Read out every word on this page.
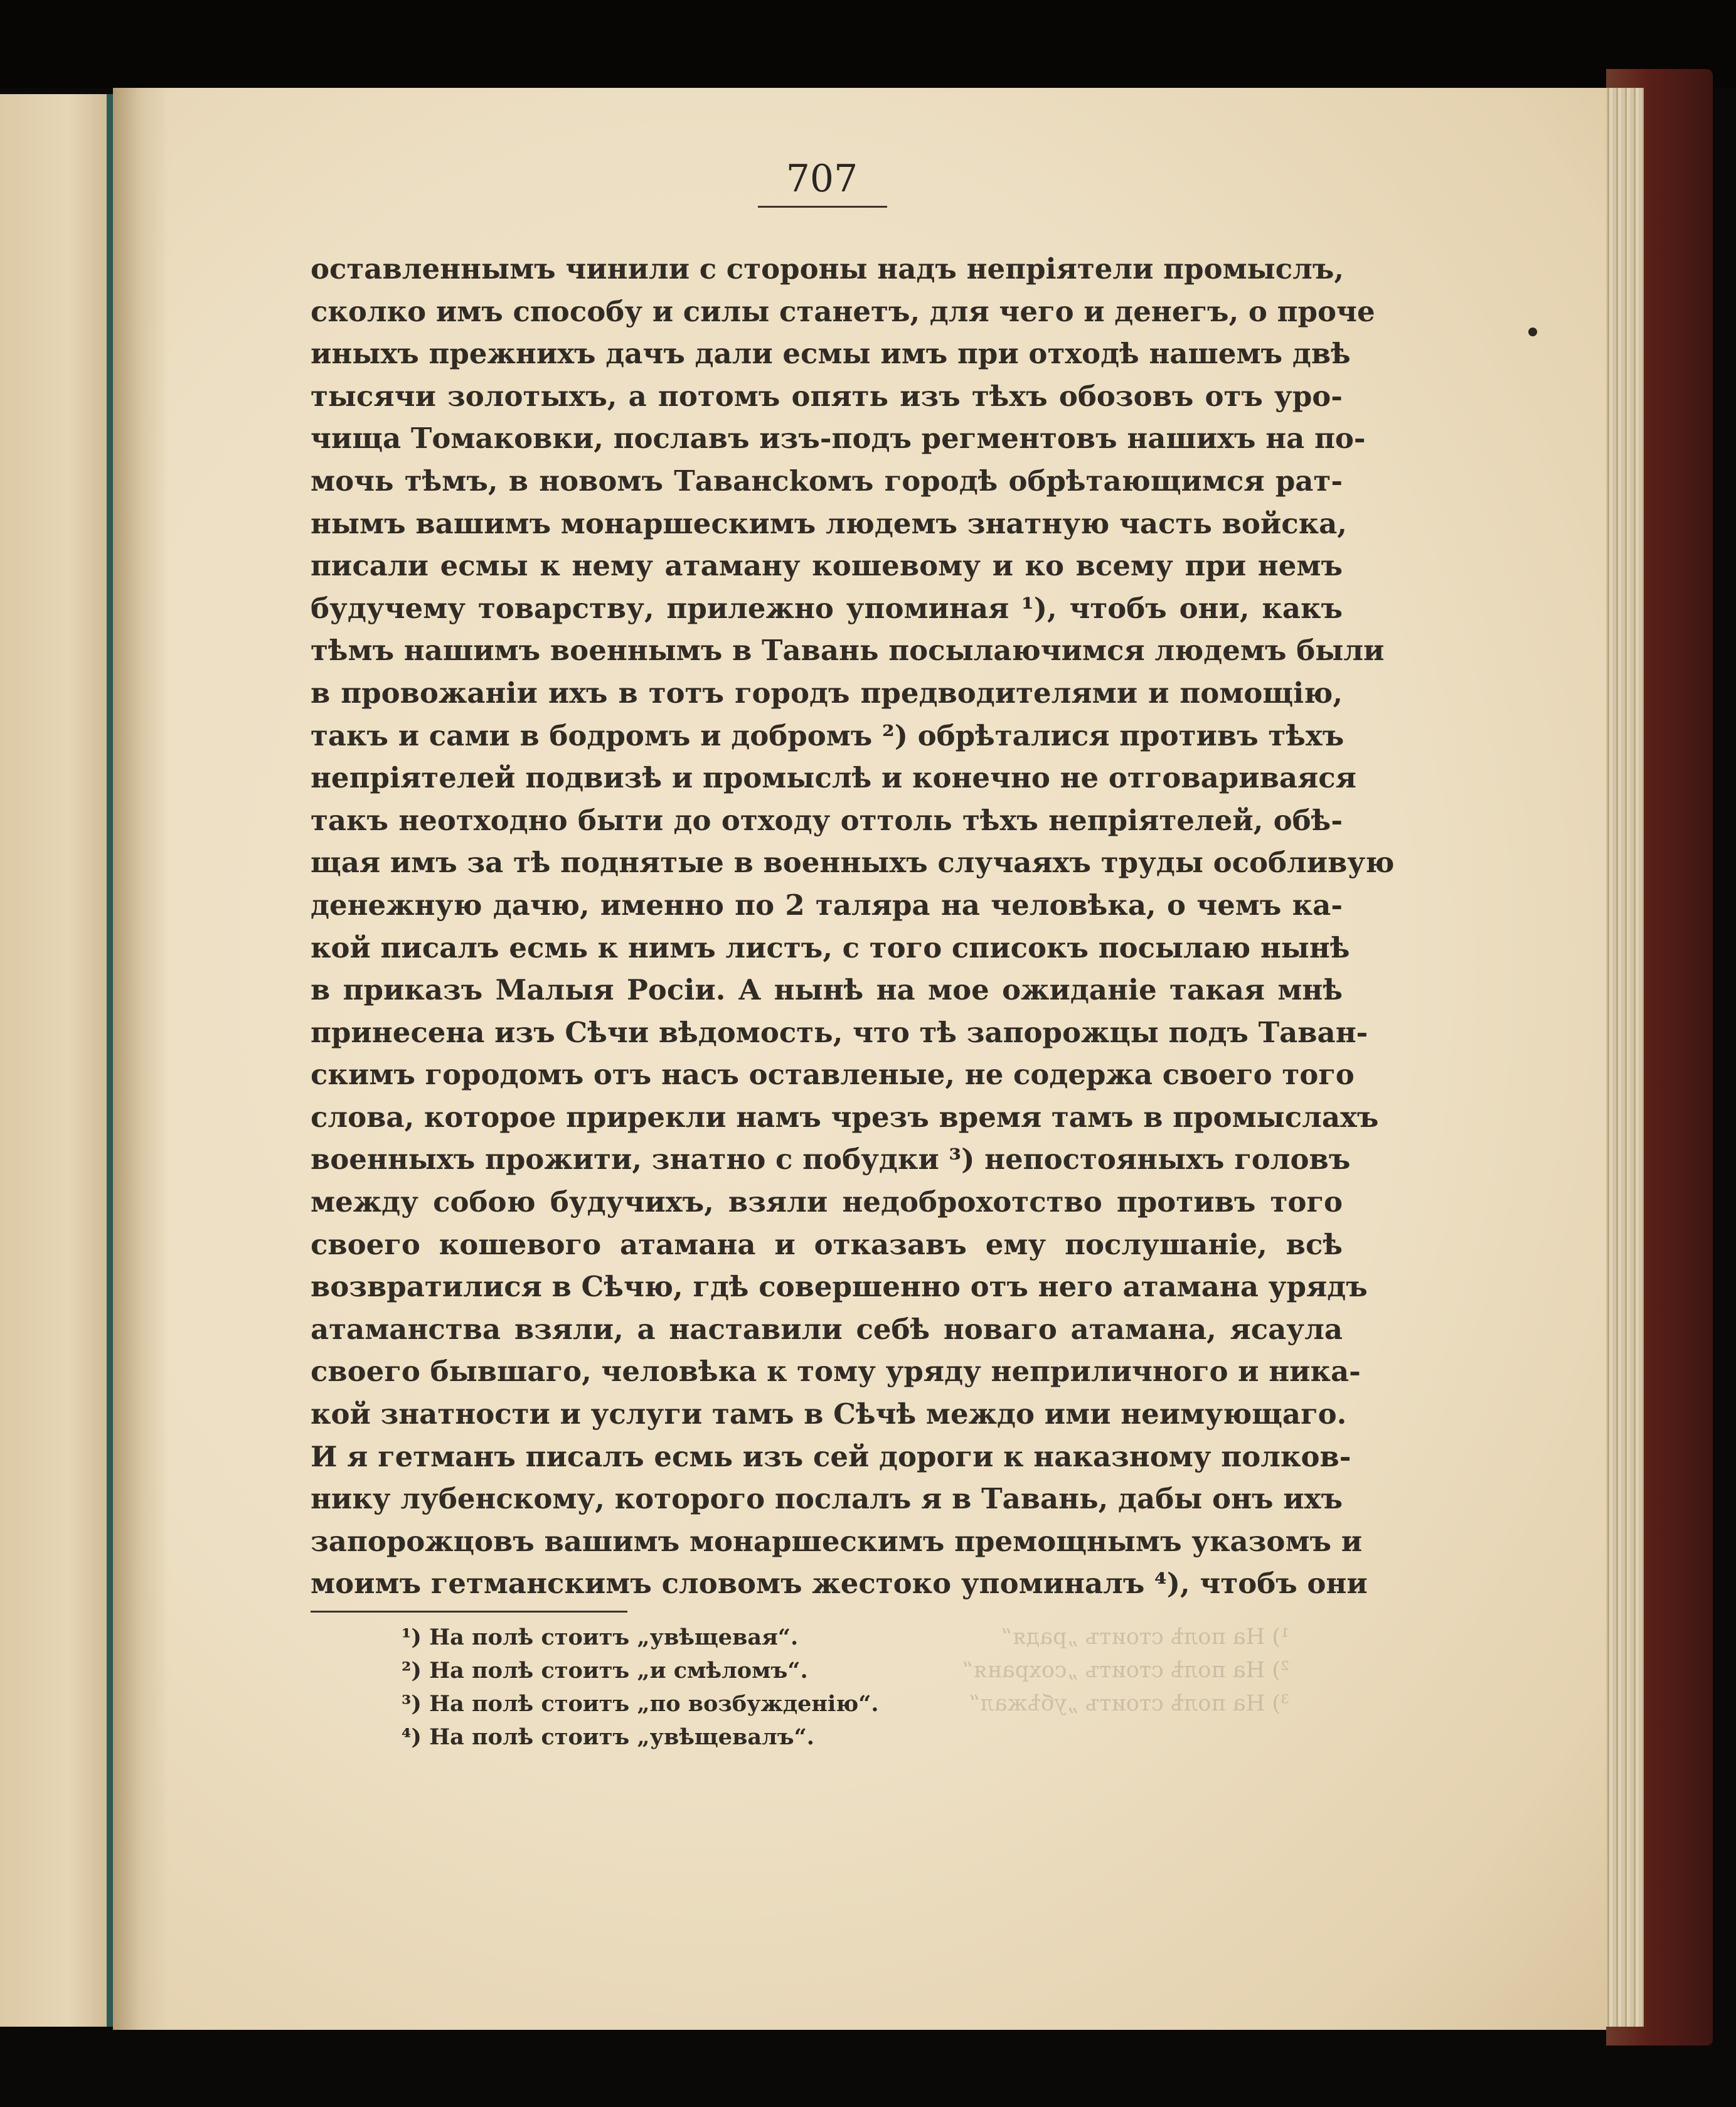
707
оставленнымъ чинили с стороны надъ непріятели промыслъ,
сколко имъ способу и силы станетъ, для чего и денегъ, о проче
иныхъ прежнихъ дачъ дали есмы имъ при отходѣ нашемъ двѣ
тысячи золотыхъ, а потомъ опять изъ тѣхъ обозовъ отъ уро-
чища Томаковки, пославъ изъ-подъ регментовъ нашихъ на по-
мочь тѣмъ, в новомъ Тавансkомъ городѣ обрѣтающимся рат-
нымъ вашимъ монаршескимъ людемъ знатную часть войска,
писали есмы к нему атаману кошевому и ко всему при немъ
будучему товарству, прилежно упоминая ¹), чтобъ они, какъ
тѣмъ нашимъ военнымъ в Тавань посылаючимся людемъ были
в провожаніи ихъ в тотъ городъ предводителями и помощію,
такъ и сами в бодромъ и добромъ ²) обрѣталися противъ тѣхъ
непріятелей подвизѣ и промыслѣ и конечно не отговариваяся
такъ неотходно быти до отходу оттоль тѣхъ непріятелей, обѣ-
щая имъ за тѣ поднятые в военныхъ случаяхъ труды особливую
денежную дачю, именно по 2 таляра на человѣка, о чемъ ка-
кой писалъ есмь к нимъ листъ, с того списокъ посылаю нынѣ
в приказъ Малыя Росіи. А нынѣ на мое ожиданіе такая мнѣ
принесена изъ Сѣчи вѣдомость, что тѣ запорожцы подъ Таван-
скимъ городомъ отъ насъ оставленые, не содержа своего того
слова, которое прирекли намъ чрезъ время тамъ в промыслахъ
военныхъ прожити, знатно с побудки ³) непостояныхъ головъ
между собою будучихъ, взяли недоброхотство противъ того
своего кошевого атамана и отказавъ ему послушаніе, всѣ
возвратилися в Сѣчю, гдѣ совершенно отъ него атамана урядъ
атаманства взяли, а наставили себѣ новаго атамана, ясаула
своего бывшаго, человѣка к тому уряду неприличного и никa-
кой знатности и услуги тамъ в Сѣчѣ междо ими неимующаго.
И я гетманъ писалъ есмь изъ сей дороги к наказному полков-
нику лубенскому, которого послалъ я в Тавань, дабы онъ ихъ
запорожцовъ вашимъ монаршескимъ премощнымъ указомъ и
моимъ гетманскимъ словомъ жестоко упоминалъ ⁴), чтобъ они
¹) На полѣ стоитъ „увѣщевая“.
²) На полѣ стоитъ „и смѣломъ“.
³) На полѣ стоитъ „по возбужденію“.
⁴) На полѣ стоитъ „увѣщевалъ“.
¹) На полѣ стоитъ „радя“
²) На полѣ стоитъ „сохраня“
³) На полѣ стоитъ „убѣжал“
